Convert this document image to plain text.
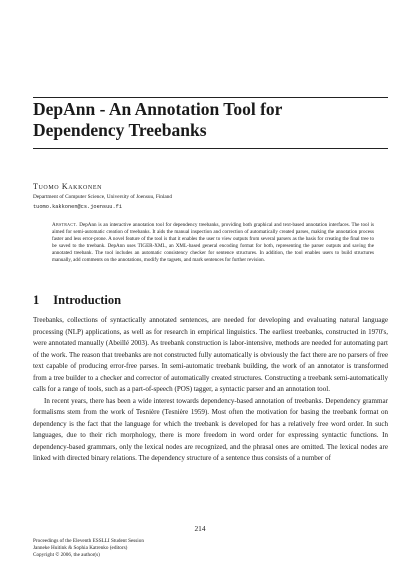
DepAnn - An Annotation Tool for
Dependency Treebanks
Tuomo Kakkonen
Department of Computer Science, University of Joensuu, Finland
tuomo.kakkonen@cs.joensuu.fi
Abstract. DepAnn is an interactive annotation tool for dependency treebanks, providing both graphical and text-based annotation interfaces. The tool is aimed for semi-automatic creation of treebanks. It aids the manual inspection and correction of automatically created parses, making the annotation process faster and less error-prone. A novel feature of the tool is that it enables the user to view outputs from several parsers as the basis for creating the final tree to be saved to the treebank. DepAnn uses TIGER-XML, an XML-based general encoding format for both, representing the parser outputs and saving the annotated treebank. The tool includes an automatic consistency checker for sentence structures. In addition, the tool enables users to build structures manually, add comments on the annotations, modify the tagsets, and mark sentences for further revision.
1 Introduction

Treebanks, collections of syntactically annotated sentences, are needed for developing and evaluating natural language processing (NLP) applications, as well as for research in empirical linguistics. The earliest treebanks, constructed in 1970's, were annotated manually (Abeillé 2003). As treebank construction is labor-intensive, methods are needed for automating part of the work. The reason that treebanks are not constructed fully automatically is obviously the fact there are no parsers of free text capable of producing error-free parses. In semi-automatic treebank building, the work of an annotator is transformed from a tree builder to a checker and corrector of automatically created structures. Constructing a treebank semi-automatically calls for a range of tools, such as a part-of-speech (POS) tagger, a syntactic parser and an annotation tool.

In recent years, there has been a wide interest towards dependency-based annotation of treebanks. Dependency grammar formalisms stem from the work of Tesnière (Tesnière 1959). Most often the motivation for basing the treebank format on dependency is the fact that the language for which the treebank is developed for has a relatively free word order. In such languages, due to their rich morphology, there is more freedom in word order for expressing syntactic functions. In dependency-based grammars, only the lexical nodes are recognized, and the phrasal ones are omitted. The lexical nodes are linked with directed binary relations. The dependency structure of a sentence thus consists of a number of

214
Proceedings of the Eleventh ESSLLI Student Session
Janneke Huitink & Sophia Katrenko (editors)
Copyright © 2006, the author(s)
